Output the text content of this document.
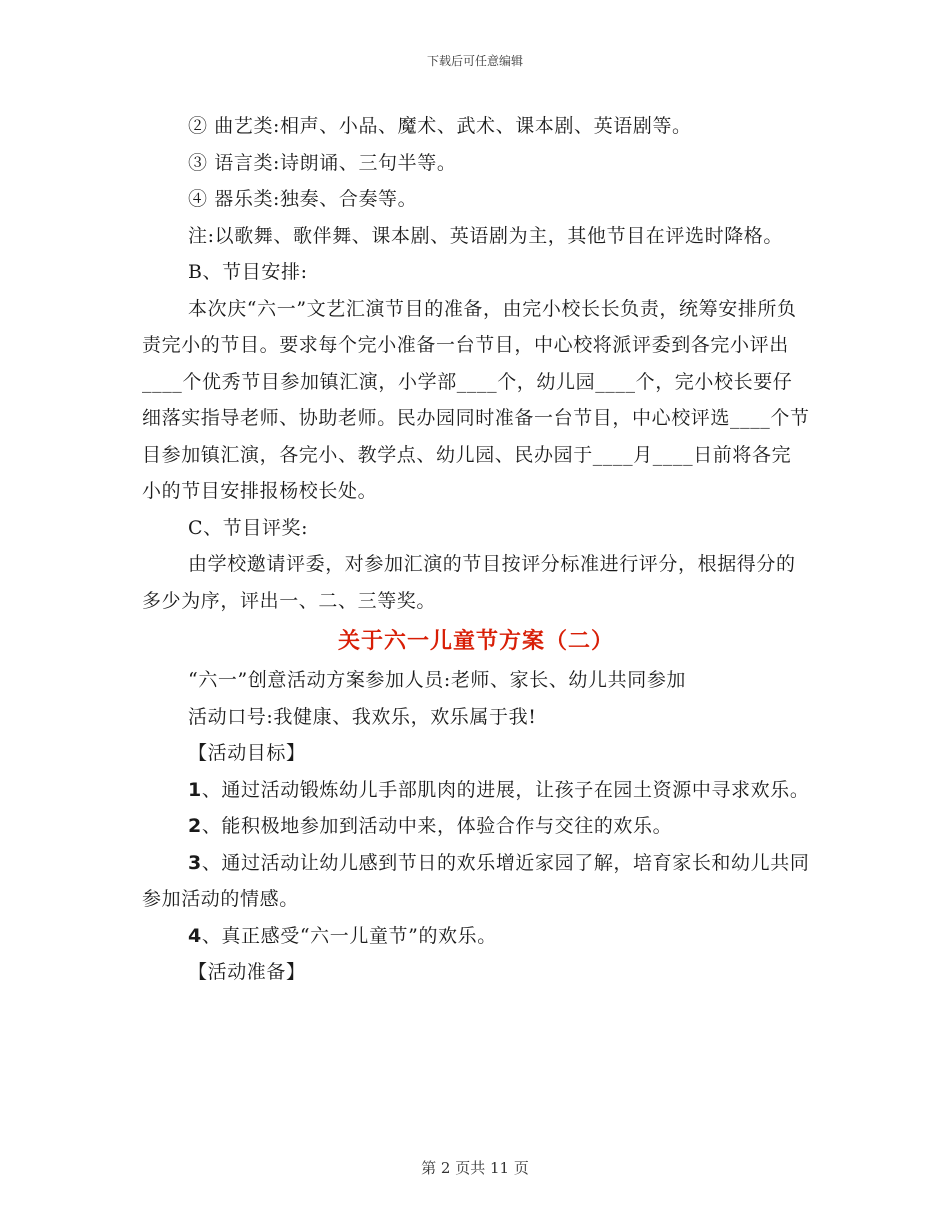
下载后可任意编辑

② 曲艺类:相声、小品、魔术、武术、课本剧、英语剧等。

③ 语言类:诗朗诵、三句半等。

④ 器乐类:独奏、合奏等。

注:以歌舞、歌伴舞、课本剧、英语剧为主，其他节目在评选时降格。

B、节目安排:

本次庆“六一”文艺汇演节目的准备，由完小校长长负责，统筹安排所负责完小的节目。要求每个完小准备一台节目，中心校将派评委到各完小评出____个优秀节目参加镇汇演，小学部____个，幼儿园____个，完小校长要仔细落实指导老师、协助老师。民办园同时准备一台节目，中心校评选____个节目参加镇汇演，各完小、教学点、幼儿园、民办园于____月____日前将各完小的节目安排报杨校长处。

C、节目评奖:

由学校邀请评委，对参加汇演的节目按评分标准进行评分，根据得分的多少为序，评出一、二、三等奖。

关于六一儿童节方案（二）

“六一”创意活动方案参加人员:老师、家长、幼儿共同参加

活动口号:我健康、我欢乐，欢乐属于我!

【活动目标】

1、通过活动锻炼幼儿手部肌肉的进展，让孩子在园土资源中寻求欢乐。

2、能积极地参加到活动中来，体验合作与交往的欢乐。

3、通过活动让幼儿感到节日的欢乐增近家园了解，培育家长和幼儿共同参加活动的情感。

4、真正感受“六一儿童节”的欢乐。

【活动准备】

第 2 页共 11 页
